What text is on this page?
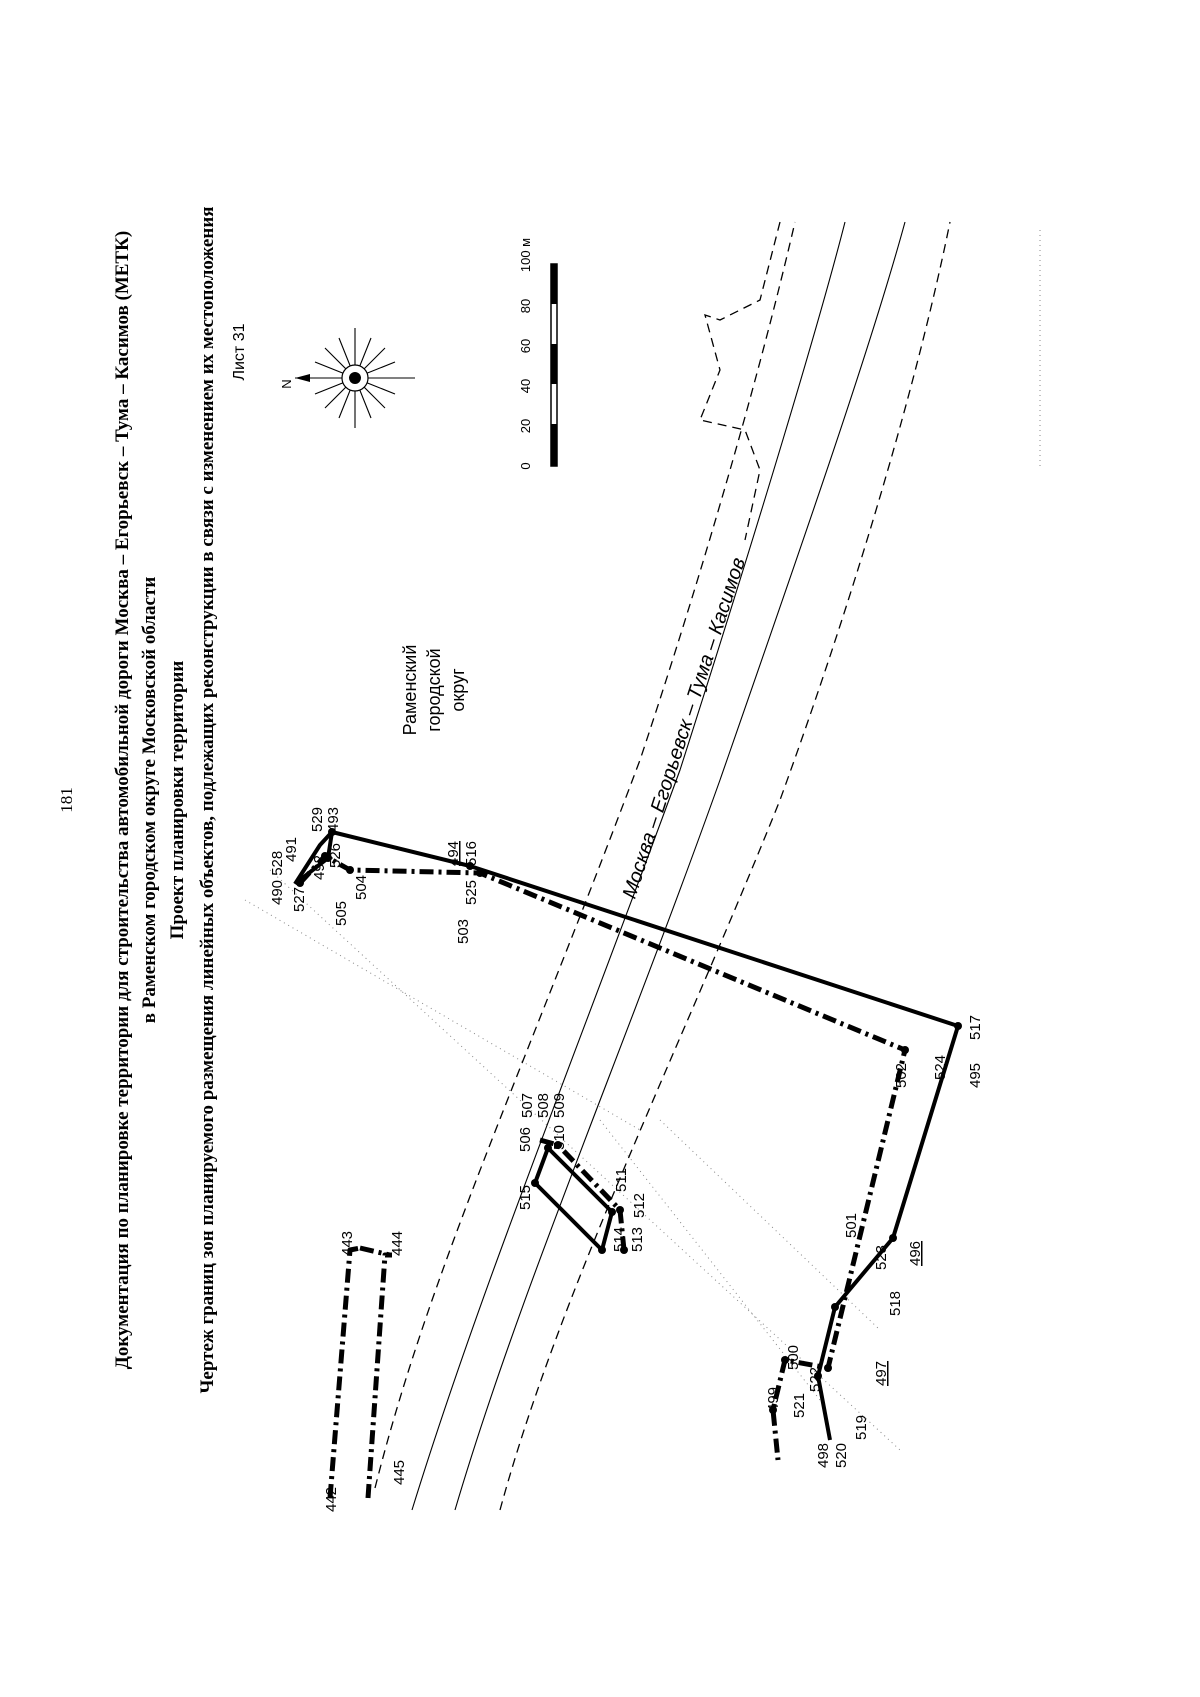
181 Документация по планировке территории для строительства автомобильной дороги Москва – Егорьевск – Тума – Касимов (МЕТК) в Раменском городском округе Московской области Проект планировки территории Чертеж границ зон планируемого размещения линейных объектов, подлежащих реконструкции в связи с изменением их местоположения Лист 31
N
0
20
40
60
80
100 м
Раменский городской округ	Москва – Егорьевск – Тума – Касимов
490 528
491
529 493
492 526
527
505
504
494 516
525
503
517
495
524
502
501
523
518
496
500
499 521
522	497
498 520
519
506
507 508
510
509
515
511
512
514 513
442
443 444
445
